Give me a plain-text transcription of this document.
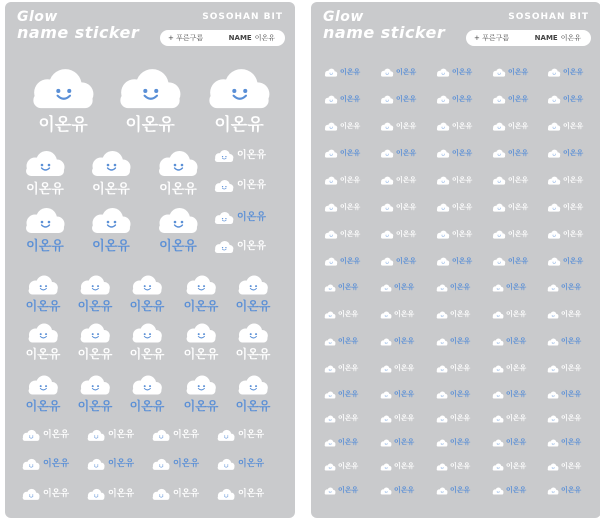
Glow
name sticker
SOSOHAN BIT
+ 푸른구름	NAME 이온유
이온유	이온유	이온유
이온유	이온유	이온유
이온유	이온유	이온유
이온유
이온유
이온유
이온유
이온유	이온유	이온유	이온유	이온유
이온유	이온유	이온유	이온유	이온유
이온유	이온유	이온유	이온유	이온유
이온유	이온유	이온유	이온유
이온유	이온유	이온유	이온유
이온유	이온유	이온유	이온유
Glow
name sticker
SOSOHAN BIT
+ 푸른구름	NAME 이온유
이온유	이온유	이온유	이온유	이온유
이온유	이온유	이온유	이온유	이온유
이온유	이온유	이온유	이온유	이온유
이온유	이온유	이온유	이온유	이온유
이온유	이온유	이온유	이온유	이온유
이온유	이온유	이온유	이온유	이온유
이온유	이온유	이온유	이온유	이온유
이온유	이온유	이온유	이온유	이온유
이온유	이온유	이온유	이온유	이온유
이온유	이온유	이온유	이온유	이온유
이온유	이온유	이온유	이온유	이온유
이온유	이온유	이온유	이온유	이온유
이온유	이온유	이온유	이온유	이온유
이온유	이온유	이온유	이온유	이온유
이온유	이온유	이온유	이온유	이온유
이온유	이온유	이온유	이온유	이온유
이온유	이온유	이온유	이온유	이온유
